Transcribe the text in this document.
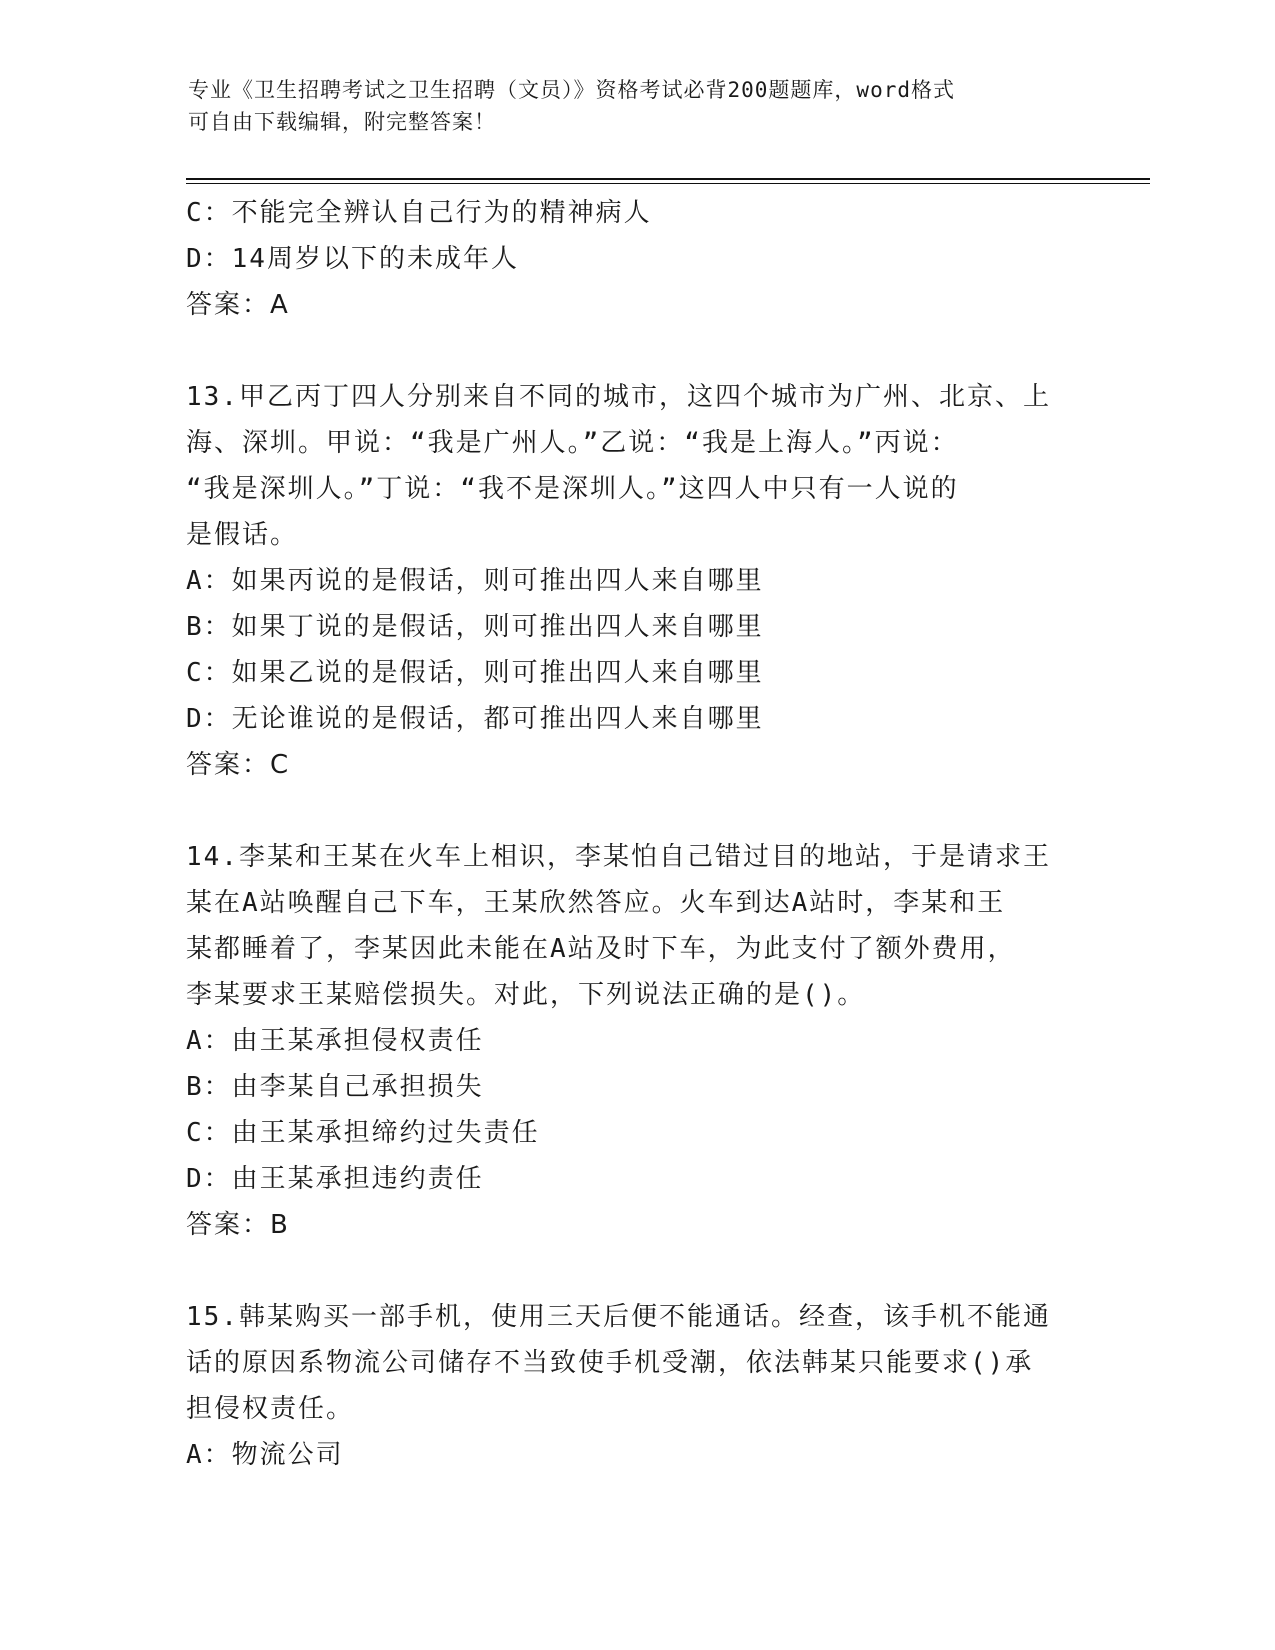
专业《卫生招聘考试之卫生招聘（文员）》资格考试必背200题题库，word格式
可自由下载编辑，附完整答案！
C：不能完全辨认自己行为的精神病人
D：14周岁以下的未成年人
答案：A
13.甲乙丙丁四人分别来自不同的城市，这四个城市为广州、北京、上
海、深圳。甲说：“我是广州人。”乙说：“我是上海人。”丙说：
“我是深圳人。”丁说：“我不是深圳人。”这四人中只有一人说的
是假话。
A：如果丙说的是假话，则可推出四人来自哪里
B：如果丁说的是假话，则可推出四人来自哪里
C：如果乙说的是假话，则可推出四人来自哪里
D：无论谁说的是假话，都可推出四人来自哪里
答案：C
14.李某和王某在火车上相识，李某怕自己错过目的地站，于是请求王
某在A站唤醒自己下车，王某欣然答应。火车到达A站时，李某和王
某都睡着了，李某因此未能在A站及时下车，为此支付了额外费用，
李某要求王某赔偿损失。对此，下列说法正确的是()。
A：由王某承担侵权责任
B：由李某自己承担损失
C：由王某承担缔约过失责任
D：由王某承担违约责任
答案：B
15.韩某购买一部手机，使用三天后便不能通话。经查，该手机不能通
话的原因系物流公司储存不当致使手机受潮，依法韩某只能要求()承
担侵权责任。
A：物流公司
